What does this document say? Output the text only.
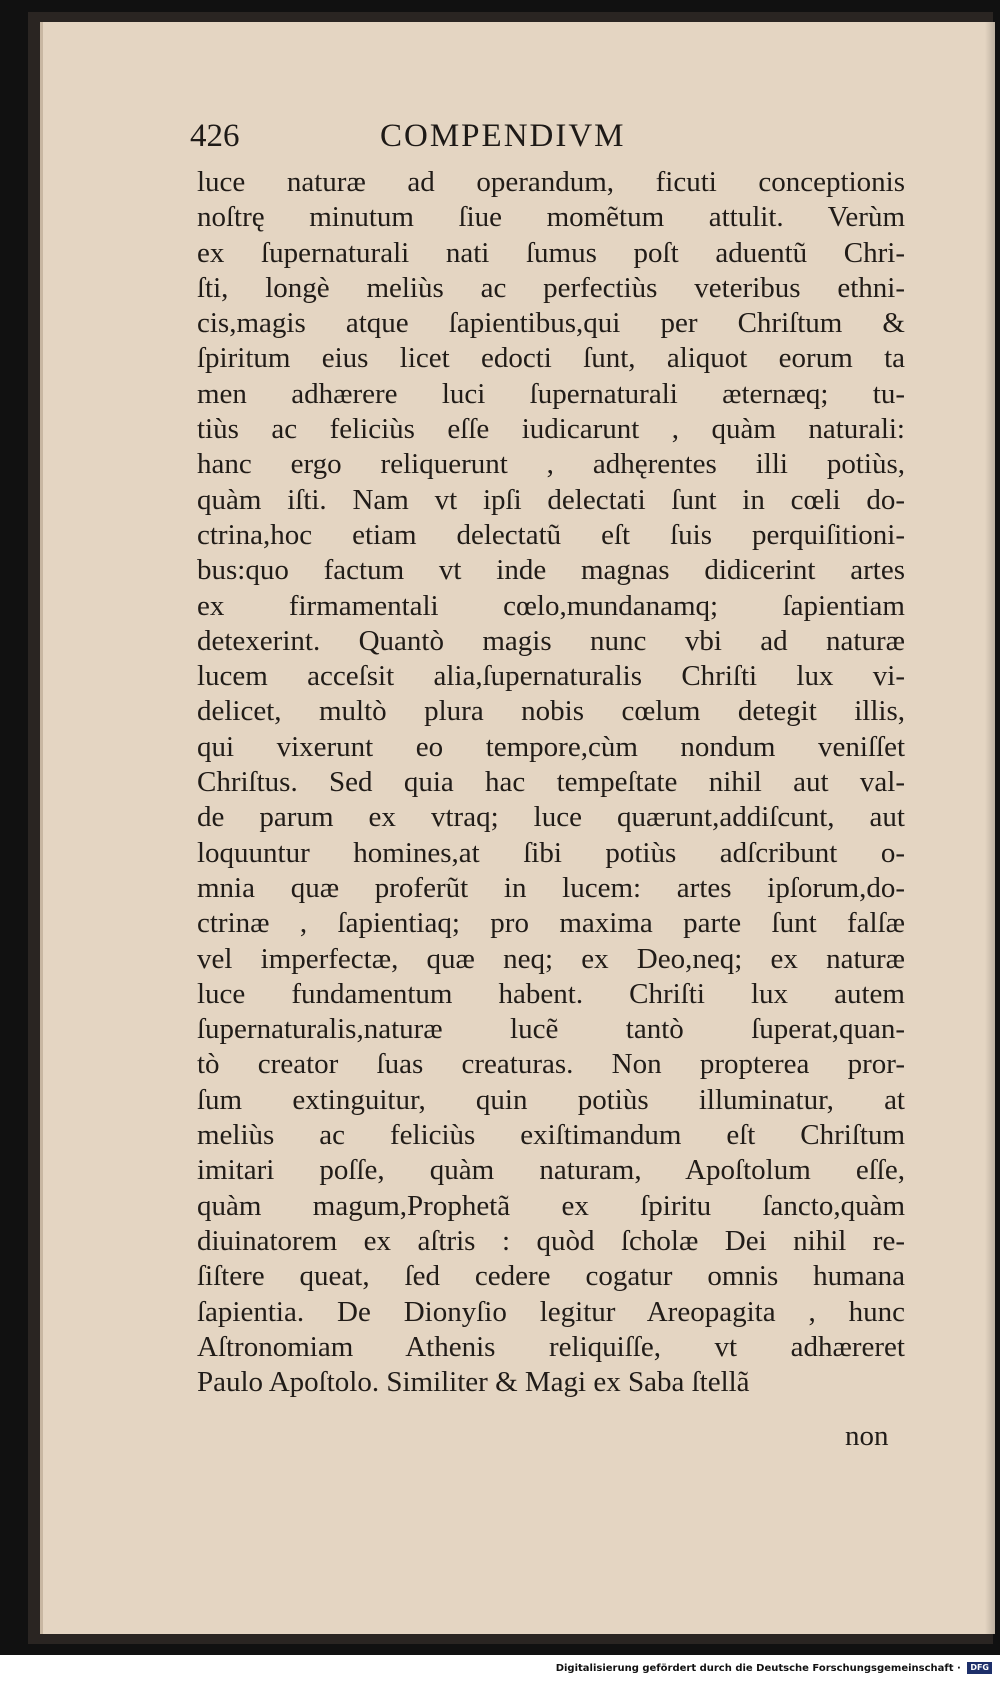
426	COMPENDIVM
luce naturæ ad operandum, ficuti conceptionis
noſtrę minutum ſiue momẽtum attulit. Verùm
ex ſupernaturali nati ſumus poſt aduentũ Chri-
ſti, longè meliùs ac perfectiùs veteribus ethni-
cis,magis atque ſapientibus,qui per Chriſtum &
ſpiritum eius licet edocti ſunt, aliquot eorum ta
men adhærere luci ſupernaturali æternæq; tu-
tiùs ac feliciùs eſſe iudicarunt , quàm naturali:
hanc ergo reliquerunt , adhęrentes illi potiùs,
quàm iſti. Nam vt ipſi delectati ſunt in cœli do-
ctrina,hoc etiam delectatũ eſt ſuis perquiſitioni-
bus:quo factum vt inde magnas didicerint artes
ex firmamentali cœlo,mundanamq; ſapientiam
detexerint. Quantò magis nunc vbi ad naturæ
lucem acceſsit alia,ſupernaturalis Chriſti lux vi-
delicet, multò plura nobis cœlum detegit illis,
qui vixerunt eo tempore,cùm nondum veniſſet
Chriſtus. Sed quia hac tempeſtate nihil aut val-
de parum ex vtraq; luce quærunt,addiſcunt, aut
loquuntur homines,at ſibi potiùs adſcribunt o-
mnia quæ proferũt in lucem: artes ipſorum,do-
ctrinæ , ſapientiaq; pro maxima parte ſunt falſæ
vel imperfectæ, quæ neq; ex Deo,neq; ex naturæ
luce fundamentum habent. Chriſti lux autem
ſupernaturalis,naturæ lucẽ tantò ſuperat,quan-
tò creator ſuas creaturas. Non propterea pror-
ſum extinguitur, quin potiùs illuminatur, at
meliùs ac feliciùs exiſtimandum eſt Chriſtum
imitari poſſe, quàm naturam, Apoſtolum eſſe,
quàm magum,Prophetã ex ſpiritu ſancto,quàm
diuinatorem ex aſtris : quòd ſcholæ Dei nihil re-
ſiſtere queat, ſed cedere cogatur omnis humana
ſapientia. De Dionyſio legitur Areopagita , hunc
Aſtronomiam Athenis reliquiſſe, vt adhæreret
Paulo Apoſtolo. Similiter & Magi ex Saba ſtellã
non
Digitalisierung gefördert durch die Deutsche Forschungsgemeinschaft · DFG
